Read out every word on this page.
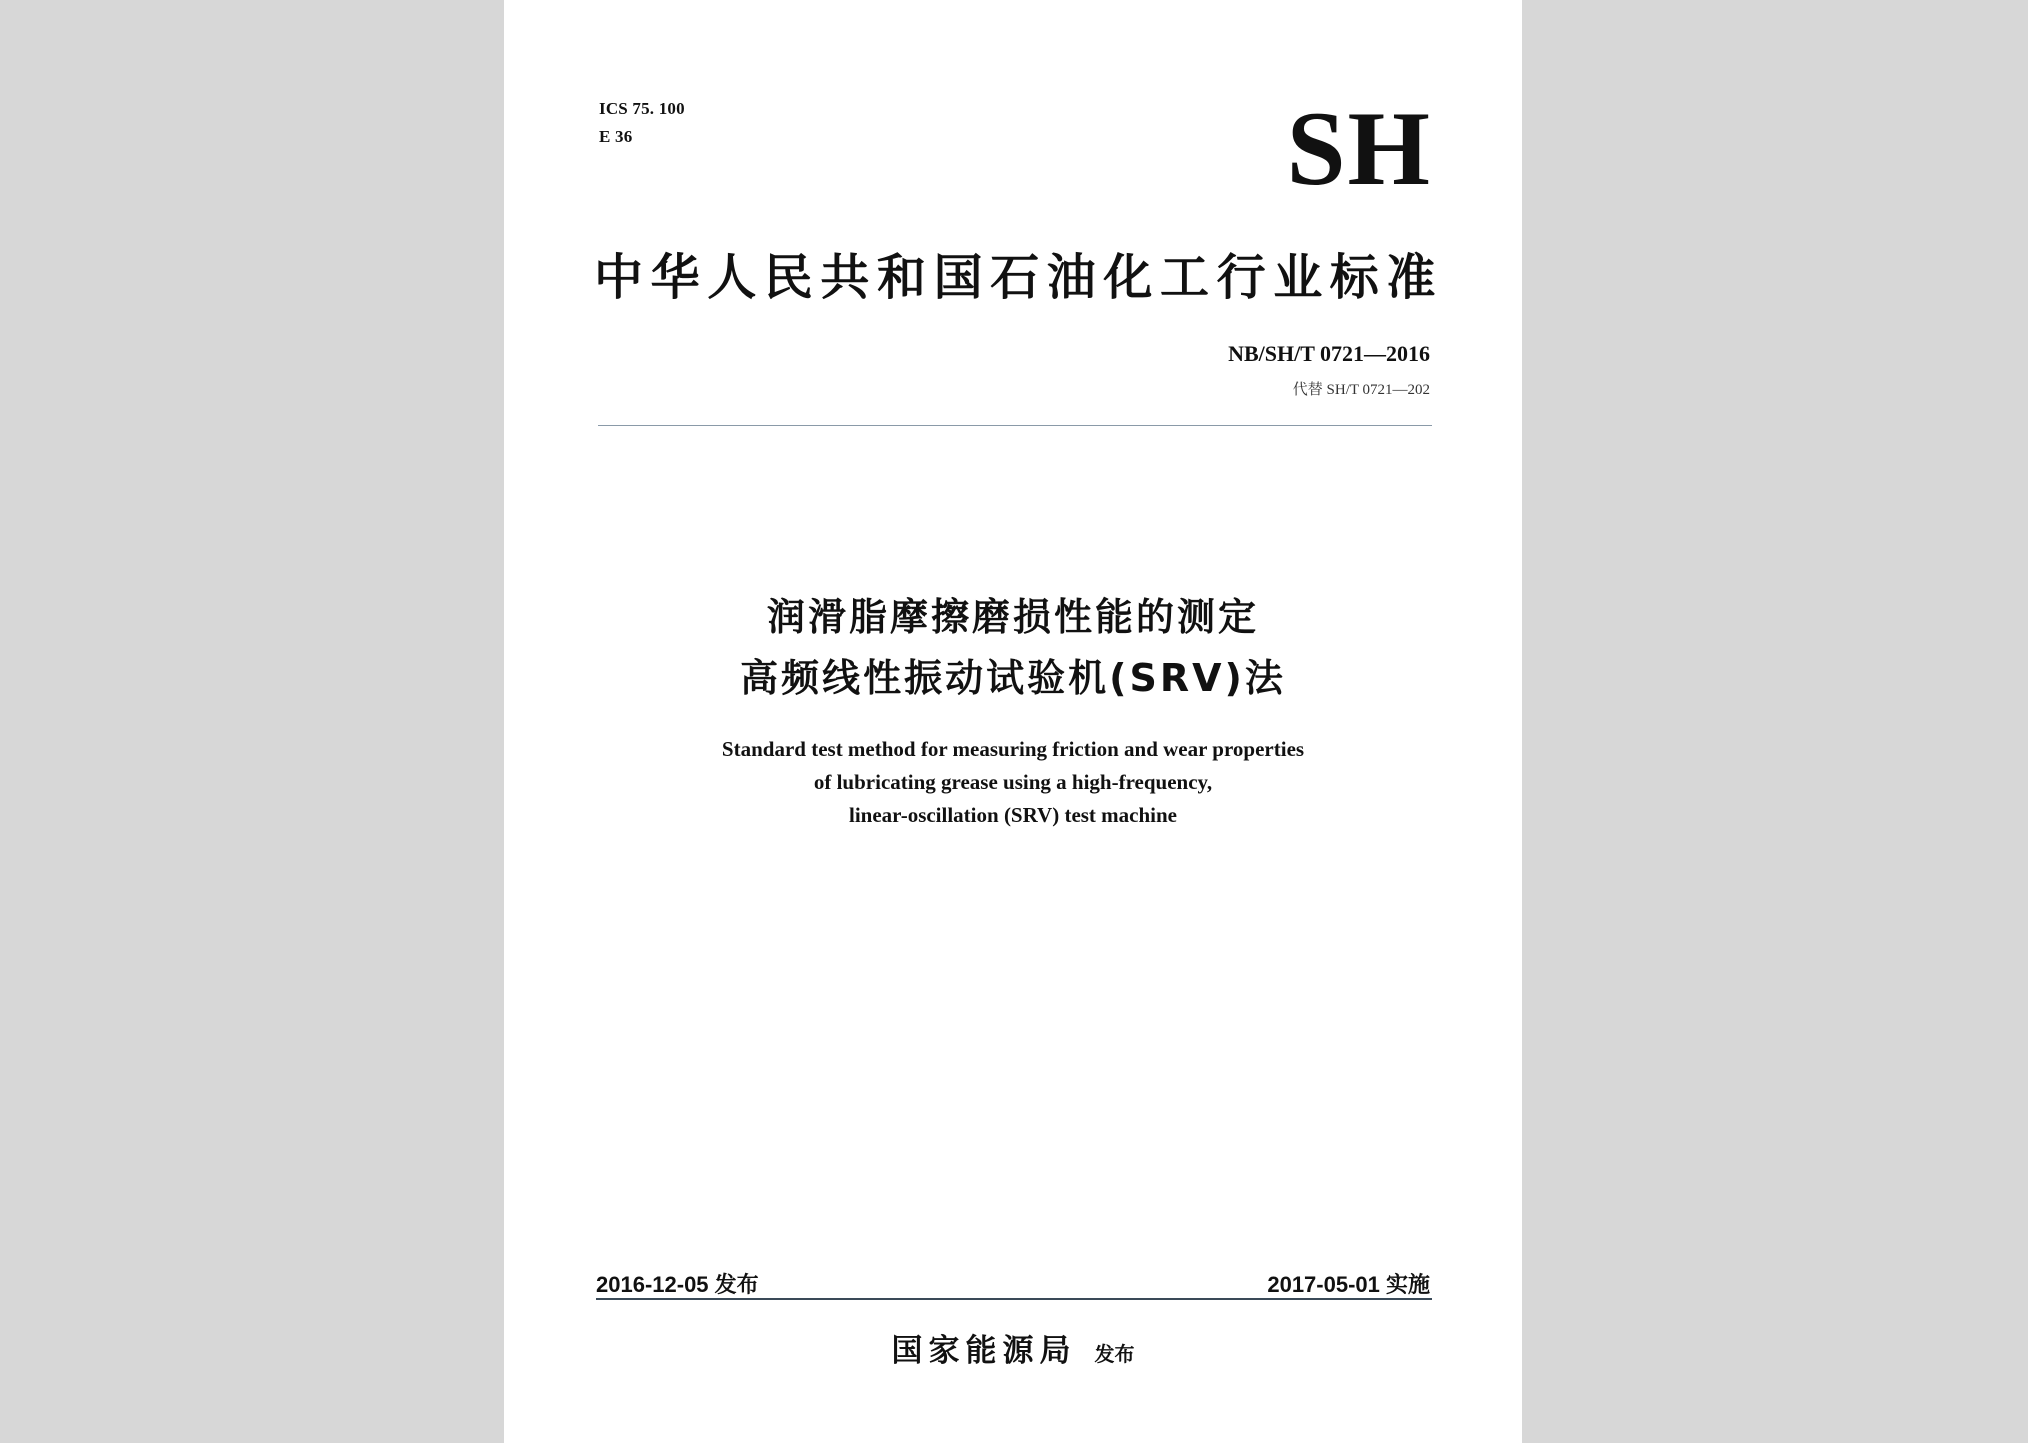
ICS 75. 100
E 36	SH
中华人民共和国石油化工行业标准
NB/SH/T 0721—2016
代替 SH/T 0721—202
润滑脂摩擦磨损性能的测定
高频线性振动试验机(SRV)法
Standard test method for measuring friction and wear properties
of lubricating grease using a high-frequency,
linear-oscillation (SRV) test machine
2016-12-05 发布	2017-05-01 实施
国家能源局 发布
